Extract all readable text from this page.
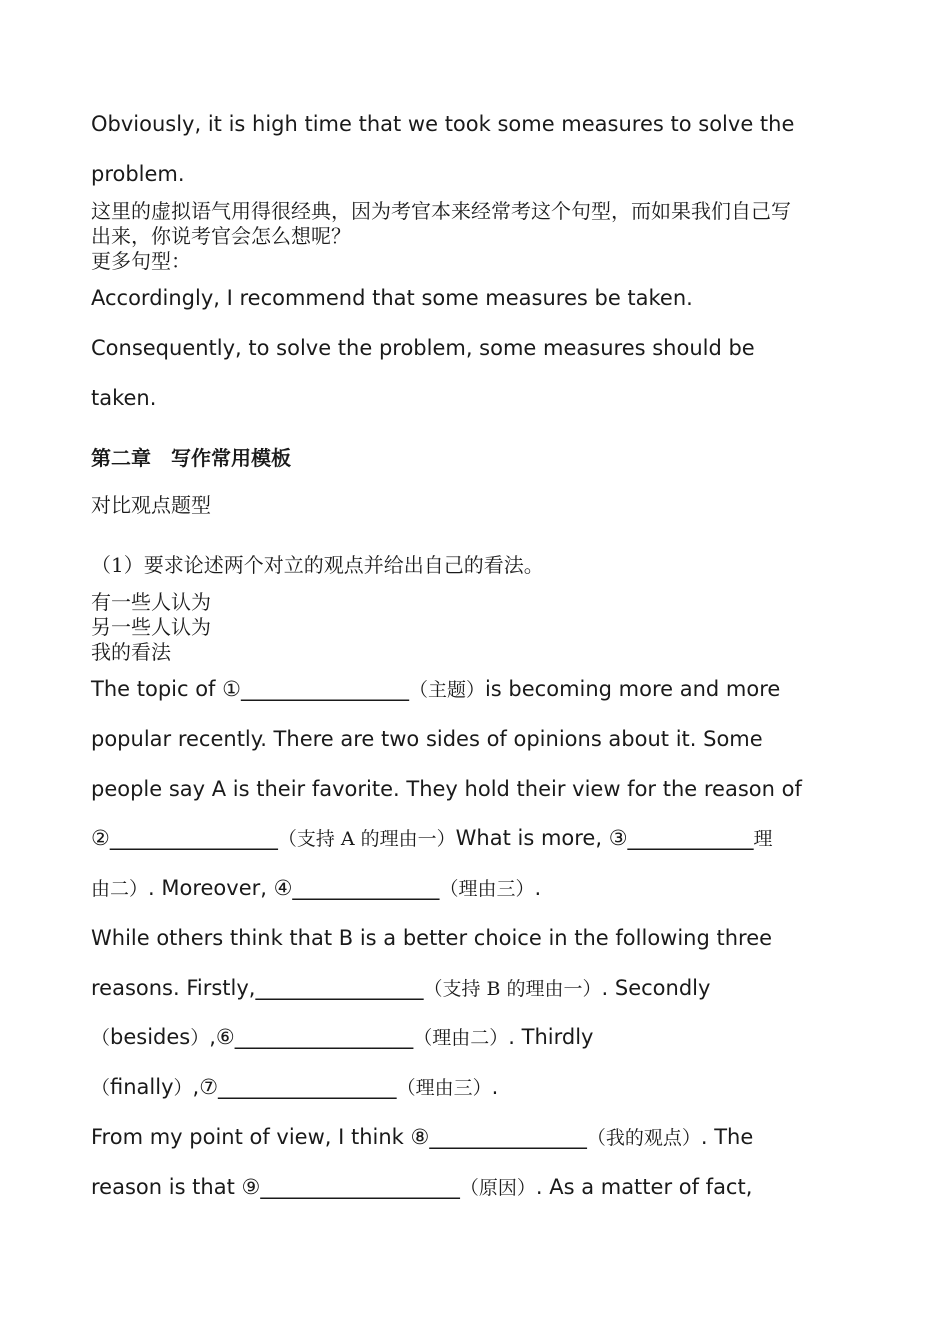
Obviously, it is high time that we took some measures to solve the

problem.

这里的虚拟语气用得很经典，因为考官本来经常考这个句型，而如果我们自己写

出来，你说考官会怎么想呢？

更多句型：

Accordingly, I recommend that some measures be taken.

Consequently, to solve the problem, some measures should be

taken.

第二章　写作常用模板

对比观点题型

（1）要求论述两个对立的观点并给出自己的看法。

有一些人认为

另一些人认为

我的看法

The topic of ①________________（主题）is becoming more and more

popular recently. There are two sides of opinions about it. Some

people say A is their favorite. They hold their view for the reason of

②________________（支持 A 的理由一）What is more, ③____________理

由二）. Moreover, ④______________（理由三）.

While others think that B is a better choice in the following three

reasons. Firstly,________________（支持 B 的理由一）. Secondly

（besides）,⑥_________________（理由二）. Thirdly

（finally）,⑦_________________（理由三）.

From my point of view, I think ⑧_______________（我的观点）. The

reason is that ⑨___________________（原因）. As a matter of fact,
